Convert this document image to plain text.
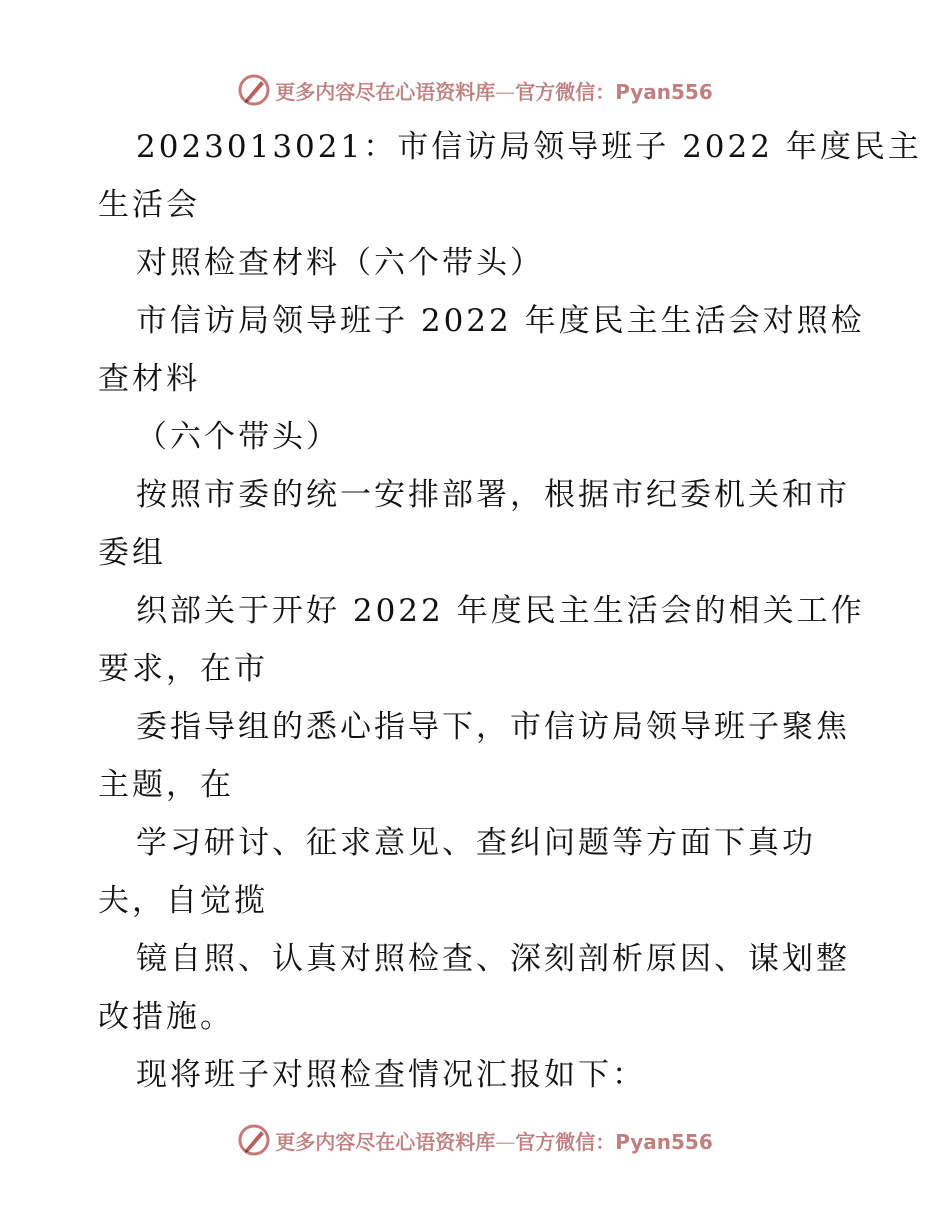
更多内容尽在心语资料库—官方微信：Pyan556
2023013021：市信访局领导班子 2022 年度民主
生活会
对照检查材料（六个带头）
市信访局领导班子 2022 年度民主生活会对照检
查材料
（六个带头）
按照市委的统一安排部署，根据市纪委机关和市
委组
织部关于开好 2022 年度民主生活会的相关工作
要求，在市
委指导组的悉心指导下，市信访局领导班子聚焦
主题，在
学习研讨、征求意见、查纠问题等方面下真功
夫，自觉揽
镜自照、认真对照检查、深刻剖析原因、谋划整
改措施。
现将班子对照检查情况汇报如下：
更多内容尽在心语资料库—官方微信：Pyan556
